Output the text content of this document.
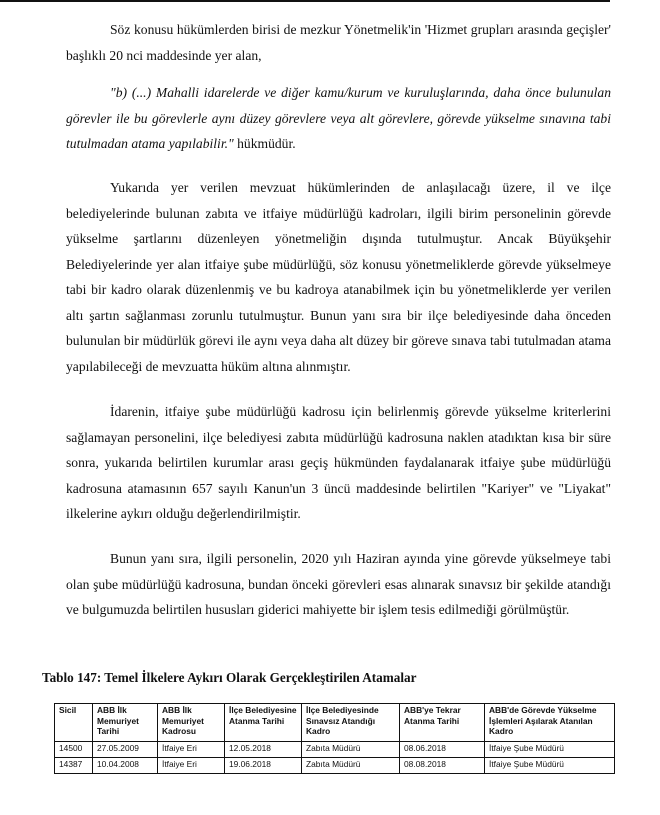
Söz konusu hükümlerden birisi de mezkur Yönetmelik'in 'Hizmet grupları arasında geçişler' başlıklı 20 nci maddesinde yer alan,

"b) (...) Mahalli idarelerde ve diğer kamu/kurum ve kuruluşlarında, daha önce bulunulan görevler ile bu görevlerle aynı düzey görevlere veya alt görevlere, görevde yükselme sınavına tabi tutulmadan atama yapılabilir." hükmüdür.

Yukarıda yer verilen mevzuat hükümlerinden de anlaşılacağı üzere, il ve ilçe belediyelerinde bulunan zabıta ve itfaiye müdürlüğü kadroları, ilgili birim personelinin görevde yükselme şartlarını düzenleyen yönetmeliğin dışında tutulmuştur. Ancak Büyükşehir Belediyelerinde yer alan itfaiye şube müdürlüğü, söz konusu yönetmeliklerde görevde yükselmeye tabi bir kadro olarak düzenlenmiş ve bu kadroya atanabilmek için bu yönetmeliklerde yer verilen altı şartın sağlanması zorunlu tutulmuştur. Bunun yanı sıra bir ilçe belediyesinde daha önceden bulunulan bir müdürlük görevi ile aynı veya daha alt düzey bir göreve sınava tabi tutulmadan atama yapılabileceği de mevzuatta hüküm altına alınmıştır.

İdarenin, itfaiye şube müdürlüğü kadrosu için belirlenmiş görevde yükselme kriterlerini sağlamayan personelini, ilçe belediyesi zabıta müdürlüğü kadrosuna naklen atadıktan kısa bir süre sonra, yukarıda belirtilen kurumlar arası geçiş hükmünden faydalanarak itfaiye şube müdürlüğü kadrosuna atamasının 657 sayılı Kanun'un 3 üncü maddesinde belirtilen "Kariyer" ve "Liyakat" ilkelerine aykırı olduğu değerlendirilmiştir.

Bunun yanı sıra, ilgili personelin, 2020 yılı Haziran ayında yine görevde yükselmeye tabi olan şube müdürlüğü kadrosuna, bundan önceki görevleri esas alınarak sınavsız bir şekilde atandığı ve bulgumuzda belirtilen hususları giderici mahiyette bir işlem tesis edilmediği görülmüştür.

Tablo 147: Temel İlkelere Aykırı Olarak Gerçekleştirilen Atamalar

Sicil	ABB İlk Memuriyet Tarihi	ABB İlk Memuriyet Kadrosu	İlçe Belediyesine Atanma Tarihi	İlçe Belediyesinde Sınavsız Atandığı Kadro	ABB'ye Tekrar Atanma Tarihi	ABB'de Görevde Yükselme İşlemleri Aşılarak Atanılan Kadro
14500	27.05.2009	İtfaiye Eri	12.05.2018	Zabıta Müdürü	08.06.2018	İtfaiye Şube Müdürü
14387	10.04.2008	İtfaiye Eri	19.06.2018	Zabıta Müdürü	08.08.2018	İtfaiye Şube Müdürü
